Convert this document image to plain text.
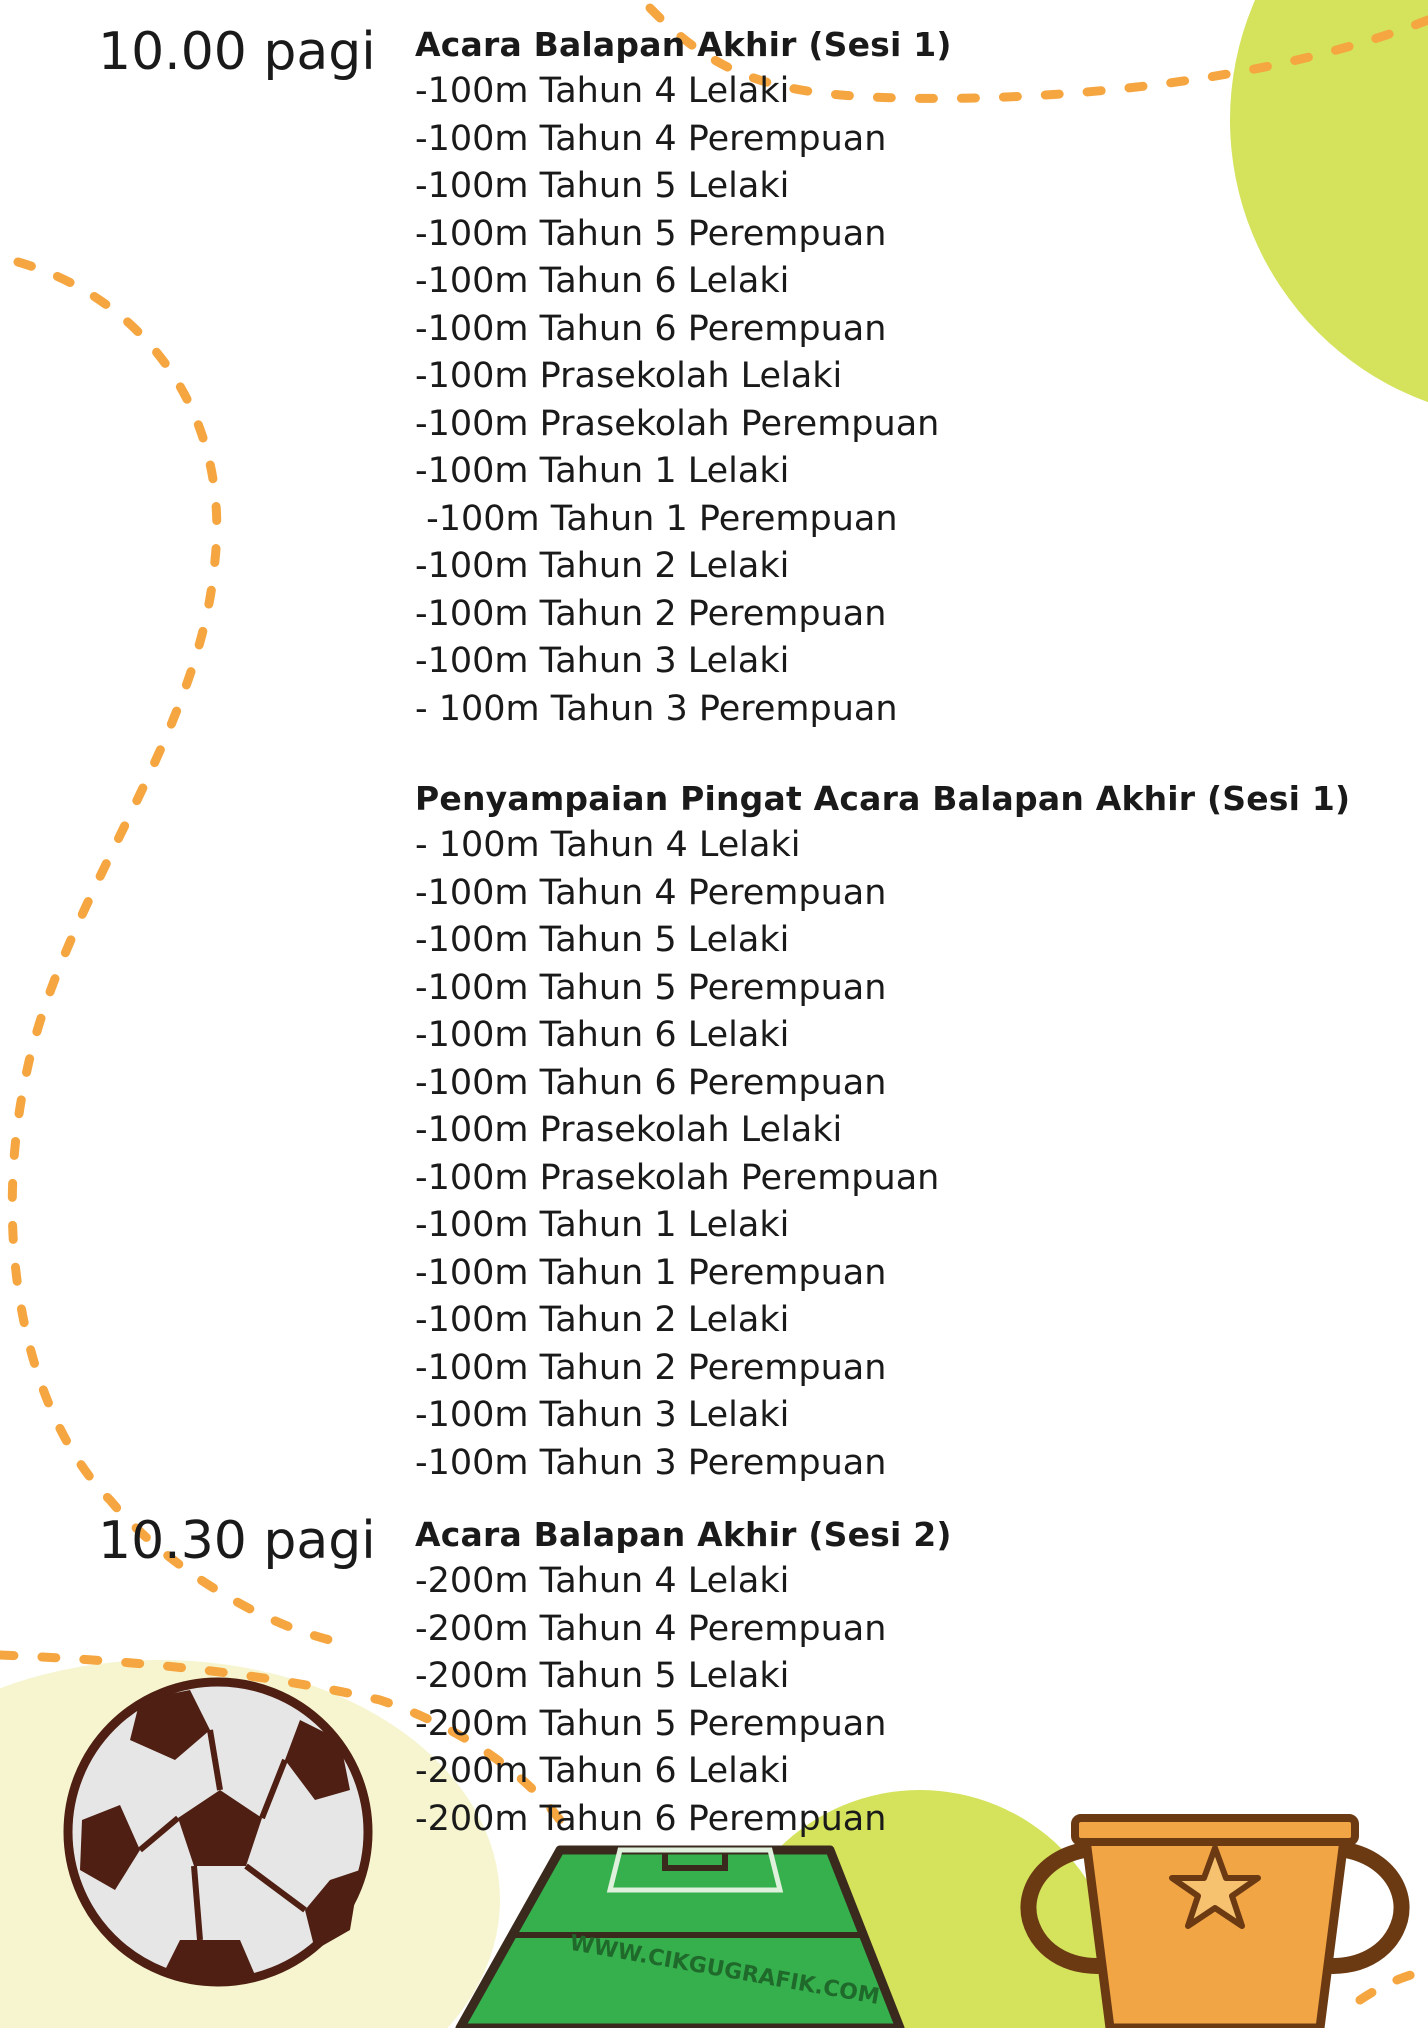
WWW.CIKGUGRAFIK.COM
10.00 pagi Acara Balapan Akhir (Sesi 1)
-100m Tahun 4 Lelaki
-100m Tahun 4 Perempuan
-100m Tahun 5 Lelaki
-100m Tahun 5 Perempuan
-100m Tahun 6 Lelaki
-100m Tahun 6 Perempuan
-100m Prasekolah Lelaki
-100m Prasekolah Perempuan
-100m Tahun 1 Lelaki
-100m Tahun 1 Perempuan
-100m Tahun 2 Lelaki
-100m Tahun 2 Perempuan
-100m Tahun 3 Lelaki
- 100m Tahun 3 Perempuan
Penyampaian Pingat Acara Balapan Akhir (Sesi 1)
- 100m Tahun 4 Lelaki
-100m Tahun 4 Perempuan
-100m Tahun 5 Lelaki
-100m Tahun 5 Perempuan
-100m Tahun 6 Lelaki
-100m Tahun 6 Perempuan
-100m Prasekolah Lelaki
-100m Prasekolah Perempuan
-100m Tahun 1 Lelaki
-100m Tahun 1 Perempuan
-100m Tahun 2 Lelaki
-100m Tahun 2 Perempuan
-100m Tahun 3 Lelaki
-100m Tahun 3 Perempuan
10.30 pagi Acara Balapan Akhir (Sesi 2)
-200m Tahun 4 Lelaki
-200m Tahun 4 Perempuan
-200m Tahun 5 Lelaki
-200m Tahun 5 Perempuan
-200m Tahun 6 Lelaki
-200m Tahun 6 Perempuan
